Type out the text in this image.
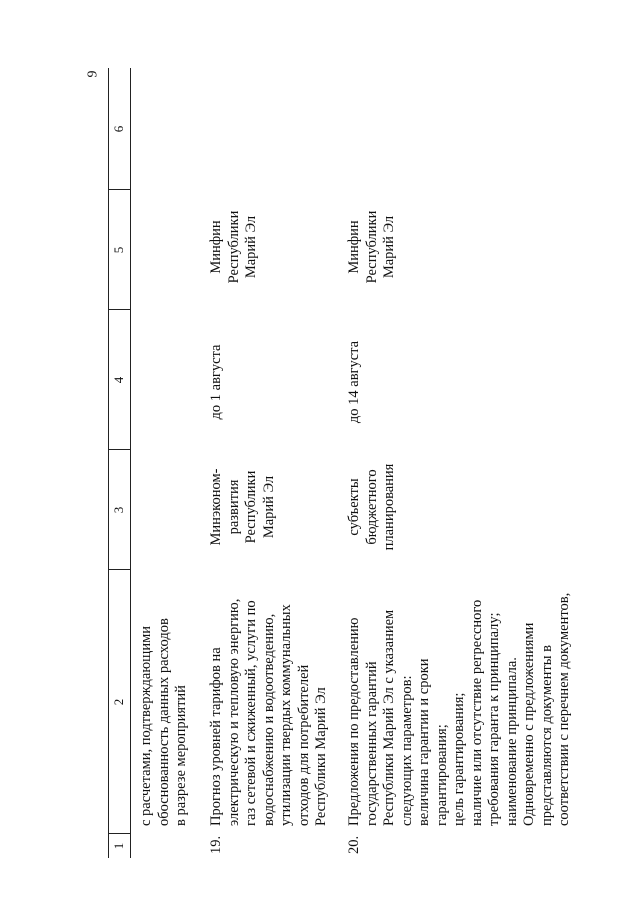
9
1
2
3
4
5
6
с расчетами, подтверждающими обоснованность данных расходов в разрезе мероприятий
19.
Прогноз уровней тарифов на электрическую и тепловую энергию, газ сетевой и сжиженный, услуги по водоснабжению и водоотведению, утилизации твердых коммунальных отходов для потребителей Республики Марий Эл
Минэконом- развития Республики Марий Эл
до 1 августа
Минфин Республики Марий Эл
20.
Предложения по предоставлению государственных гарантий Республики Марий Эл с указанием следующих параметров: величина гарантии и сроки гарантирования; цель гарантирования; наличие или отсутствие регрессного требования гаранта к принципалу; наименование принципала. Одновременно с предложениями представляются документы в соответствии с перечнем документов,
субъекты бюджетного планирования
до 14 августа
Минфин Республики Марий Эл
